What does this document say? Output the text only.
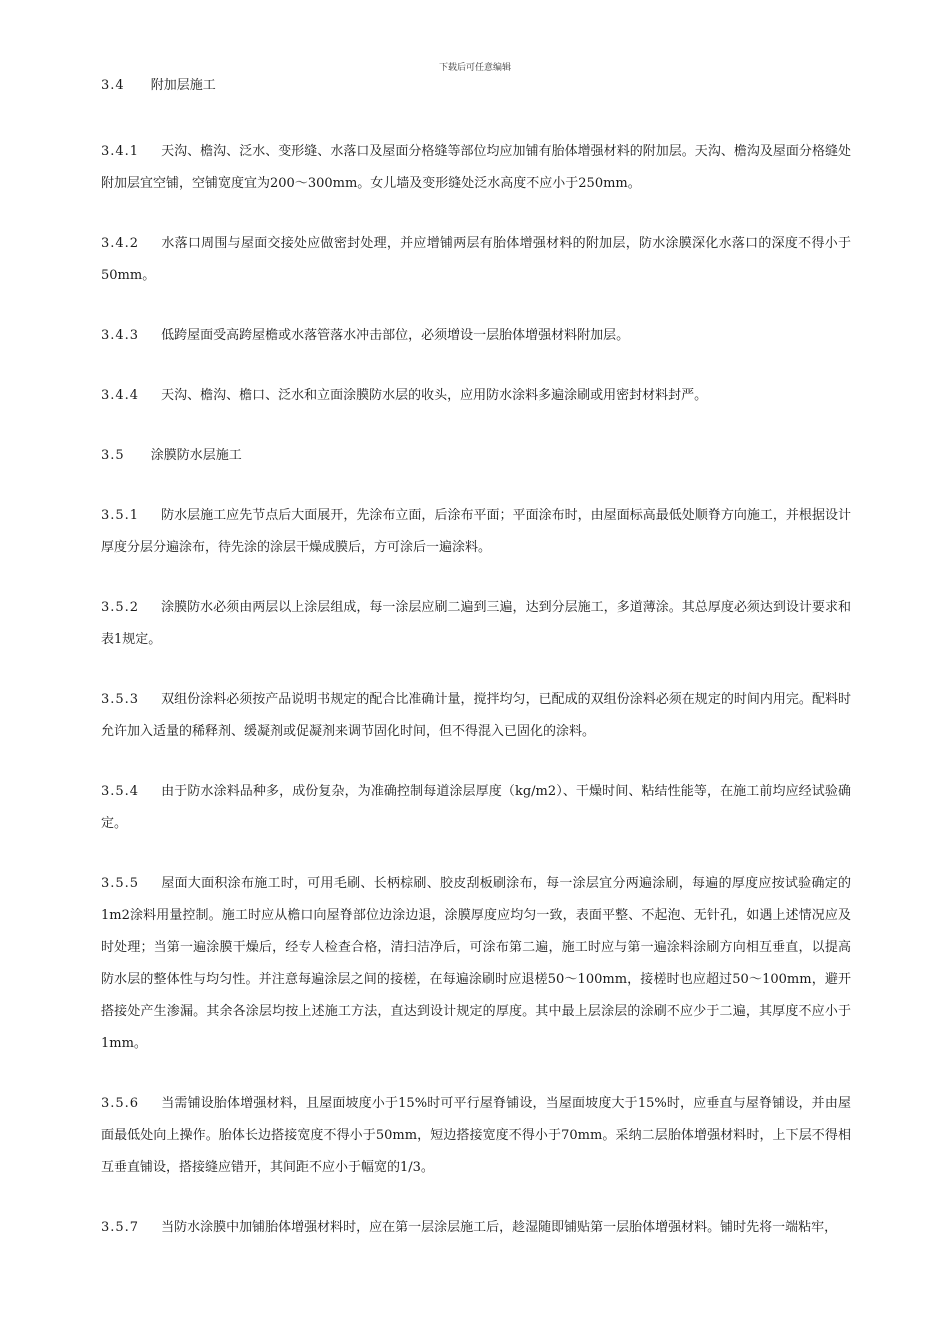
下载后可任意编辑
3.4 附加层施工

3.4.1 天沟、檐沟、泛水、变形缝、水落口及屋面分格缝等部位均应加铺有胎体增强材料的附加层。天沟、檐沟及屋面分格缝处附加层宜空铺，空铺宽度宜为200～300mm。女儿墙及变形缝处泛水高度不应小于250mm。

3.4.2 水落口周围与屋面交接处应做密封处理，并应增铺两层有胎体增强材料的附加层，防水涂膜深化水落口的深度不得小于50mm。

3.4.3 低跨屋面受高跨屋檐或水落管落水冲击部位，必须增设一层胎体增强材料附加层。

3.4.4 天沟、檐沟、檐口、泛水和立面涂膜防水层的收头，应用防水涂料多遍涂刷或用密封材料封严。

3.5 涂膜防水层施工

3.5.1 防水层施工应先节点后大面展开，先涂布立面，后涂布平面；平面涂布时，由屋面标高最低处顺脊方向施工，并根据设计厚度分层分遍涂布，待先涂的涂层干燥成膜后，方可涂后一遍涂料。

3.5.2 涂膜防水必须由两层以上涂层组成，每一涂层应刷二遍到三遍，达到分层施工，多道薄涂。其总厚度必须达到设计要求和表1规定。

3.5.3 双组份涂料必须按产品说明书规定的配合比准确计量，搅拌均匀，已配成的双组份涂料必须在规定的时间内用完。配料时允许加入适量的稀释剂、缓凝剂或促凝剂来调节固化时间，但不得混入已固化的涂料。

3.5.4 由于防水涂料品种多，成份复杂，为准确控制每道涂层厚度（kg/m2）、干燥时间、粘结性能等，在施工前均应经试验确定。

3.5.5 屋面大面积涂布施工时，可用毛刷、长柄棕刷、胶皮刮板刷涂布，每一涂层宜分两遍涂刷，每遍的厚度应按试验确定的1m2涂料用量控制。施工时应从檐口向屋脊部位边涂边退，涂膜厚度应均匀一致，表面平整、不起泡、无针孔，如遇上述情况应及时处理；当第一遍涂膜干燥后，经专人检查合格，清扫洁净后，可涂布第二遍，施工时应与第一遍涂料涂刷方向相互垂直，以提高防水层的整体性与均匀性。并注意每遍涂层之间的接槎，在每遍涂刷时应退槎50～100mm，接槎时也应超过50～100mm，避开搭接处产生渗漏。其余各涂层均按上述施工方法，直达到设计规定的厚度。其中最上层涂层的涂刷不应少于二遍，其厚度不应小于1mm。

3.5.6 当需铺设胎体增强材料，且屋面坡度小于15%时可平行屋脊铺设，当屋面坡度大于15%时，应垂直与屋脊铺设，并由屋面最低处向上操作。胎体长边搭接宽度不得小于50mm，短边搭接宽度不得小于70mm。采纳二层胎体增强材料时，上下层不得相互垂直铺设，搭接缝应错开，其间距不应小于幅宽的1/3。

3.5.7 当防水涂膜中加铺胎体增强材料时，应在第一层涂层施工后，趁湿随即铺贴第一层胎体增强材料。铺时先将一端粘牢，
